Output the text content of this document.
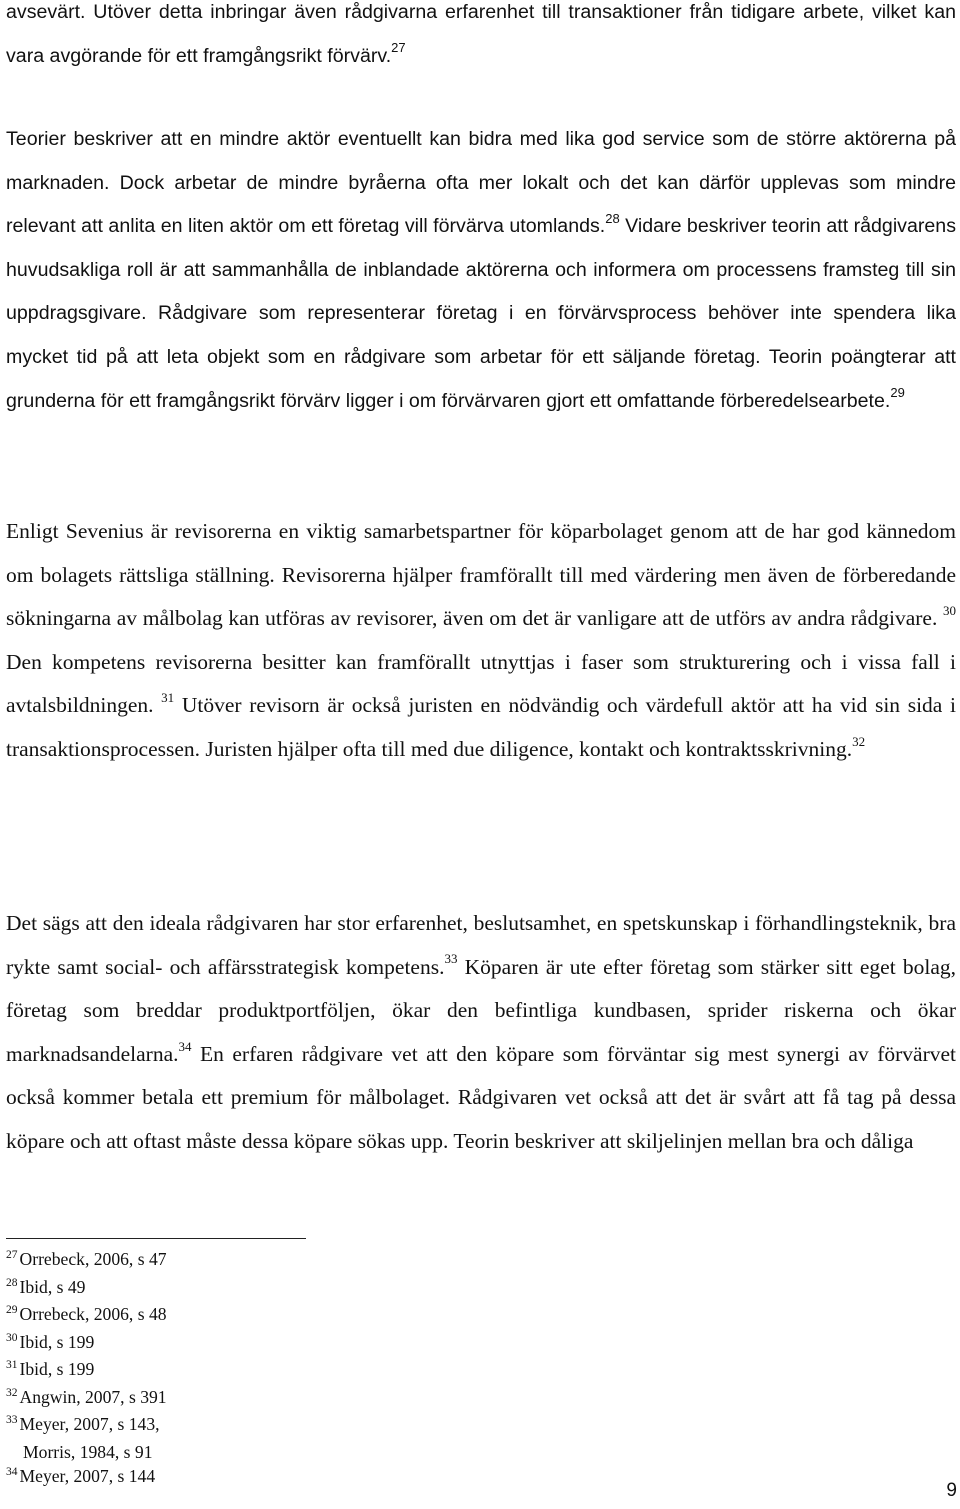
avsevärt. Utöver detta inbringar även rådgivarna erfarenhet till transaktioner från tidigare arbete, vilket kan vara avgörande för ett framgångsrikt förvärv.$^{27}$

Teorier beskriver att en mindre aktör eventuellt kan bidra med lika god service som de större aktörerna på marknaden. Dock arbetar de mindre byråerna ofta mer lokalt och det kan därför upplevas som mindre relevant att anlita en liten aktör om ett företag vill förvärva utomlands.$^{28}$ Vidare beskriver teorin att rådgivarens huvudsakliga roll är att sammanhålla de inblandade aktörerna och informera om processens framsteg till sin uppdragsgivare. Rådgivare som representerar företag i en förvärvsprocess behöver inte spendera lika mycket tid på att leta objekt som en rådgivare som arbetar för ett säljande företag. Teorin poängterar att grunderna för ett framgångsrikt förvärv ligger i om förvärvaren gjort ett omfattande förberedelsearbete.$^{29}$

Enligt Sevenius är revisorerna en viktig samarbetspartner för köparbolaget genom att de har god kännedom om bolagets rättsliga ställning. Revisorerna hjälper framförallt till med värdering men även de förberedande sökningarna av målbolag kan utföras av revisorer, även om det är vanligare att de utförs av andra rådgivare. $^{30}$ Den kompetens revisorerna besitter kan framförallt utnyttjas i faser som strukturering och i vissa fall i avtalsbildningen. $^{31}$ Utöver revisorn är också juristen en nödvändig och värdefull aktör att ha vid sin sida i transaktionsprocessen. Juristen hjälper ofta till med due diligence, kontakt och kontraktsskrivning.$^{32}$

Det sägs att den ideala rådgivaren har stor erfarenhet, beslutsamhet, en spetskunskap i förhandlingsteknik, bra rykte samt social- och affärsstrategisk kompetens.$^{33}$ Köparen är ute efter företag som stärker sitt eget bolag, företag som breddar produktportföljen, ökar den befintliga kundbasen, sprider riskerna och ökar marknadsandelarna.$^{34}$ En erfaren rådgivare vet att den köpare som förväntar sig mest synergi av förvärvet också kommer betala ett premium för målbolaget. Rådgivaren vet också att det är svårt att få tag på dessa köpare och att oftast måste dessa köpare sökas upp. Teorin beskriver att skiljelinjen mellan bra och dåliga

$^{27}$ Orrebeck, 2006, s 47
$^{28}$ Ibid, s 49
$^{29}$ Orrebeck, 2006, s 48
$^{30}$ Ibid, s 199
$^{31}$ Ibid, s 199
$^{32}$ Angwin, 2007, s 391
$^{33}$ Meyer, 2007, s 143,
Morris, 1984, s 91
$^{34}$ Meyer, 2007, s 144
9
